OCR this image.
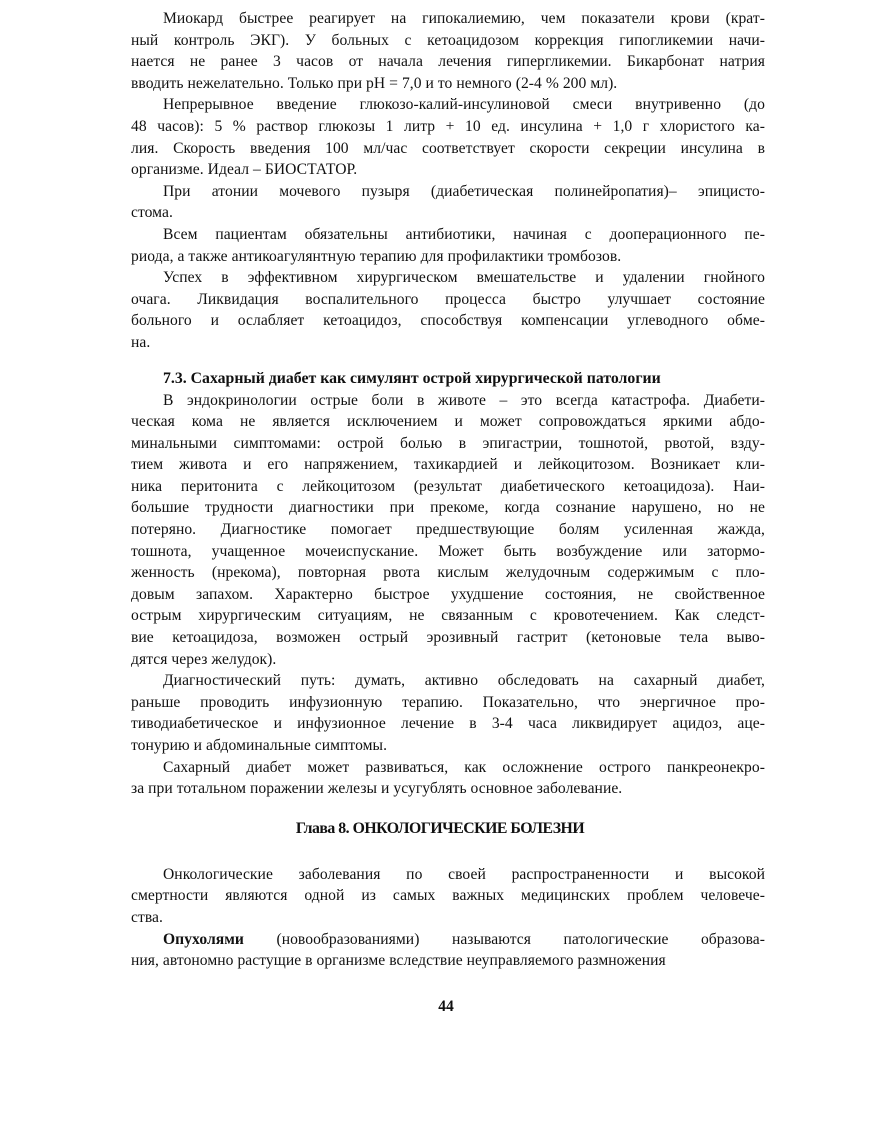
Миокард быстрее реагирует на гипокалиемию, чем показатели крови (крат-
ный контроль ЭКГ). У больных с кетоацидозом коррекция гипогликемии начи-
нается не ранее 3 часов от начала лечения гипергликемии. Бикарбонат натрия
вводить нежелательно. Только при рН = 7,0 и то немного (2-4 % 200 мл).
Непрерывное введение глюкозо-калий-инсулиновой смеси внутривенно (до
48 часов): 5 % раствор глюкозы 1 литр + 10 ед. инсулина + 1,0 г хлористого ка-
лия. Скорость введения 100 мл/час соответствует скорости секреции инсулина в
организме. Идеал – БИОСТАТОР.
При атонии мочевого пузыря (диабетическая полинейропатия)– эпицисто-
стома.
Всем пациентам обязательны антибиотики, начиная с дооперационного пе-
риода, а также антикоагулянтную терапию для профилактики тромбозов.
Успех в эффективном хирургическом вмешательстве и удалении гнойного
очага. Ликвидация воспалительного процесса быстро улучшает состояние
больного и ослабляет кетоацидоз, способствуя компенсации углеводного обме-
на.
7.3. Сахарный диабет как симулянт острой хирургической патологии
В эндокринологии острые боли в животе – это всегда катастрофа. Диабети-
ческая кома не является исключением и может сопровождаться яркими абдо-
минальными симптомами: острой болью в эпигастрии, тошнотой, рвотой, взду-
тием живота и его напряжением, тахикардией и лейкоцитозом. Возникает кли-
ника перитонита с лейкоцитозом (результат диабетического кетоацидоза). Наи-
большие трудности диагностики при прекоме, когда сознание нарушено, но не
потеряно. Диагностике помогает предшествующие болям усиленная жажда,
тошнота, учащенное мочеиспускание. Может быть возбуждение или затормо-
женность (нрекома), повторная рвота кислым желудочным содержимым с пло-
довым запахом. Характерно быстрое ухудшение состояния, не свойственное
острым хирургическим ситуациям, не связанным с кровотечением. Как следст-
вие кетоацидоза, возможен острый эрозивный гастрит (кетоновые тела выво-
дятся через желудок).
Диагностический путь: думать, активно обследовать на сахарный диабет,
раньше проводить инфузионную терапию. Показательно, что энергичное про-
тиводиабетическое и инфузионное лечение в 3-4 часа ликвидирует ацидоз, аце-
тонурию и абдоминальные симптомы.
Сахарный диабет может развиваться, как осложнение острого панкреонекро-
за при тотальном поражении железы и усугублять основное заболевание.
Глава 8. ОНКОЛОГИЧЕСКИЕ БОЛЕЗНИ
Онкологические заболевания по своей распространенности и высокой
смертности являются одной из самых важных медицинских проблем человече-
ства.
Опухолями (новообразованиями) называются патологические образова-
ния, автономно растущие в организме вследствие неуправляемого размножения
44
